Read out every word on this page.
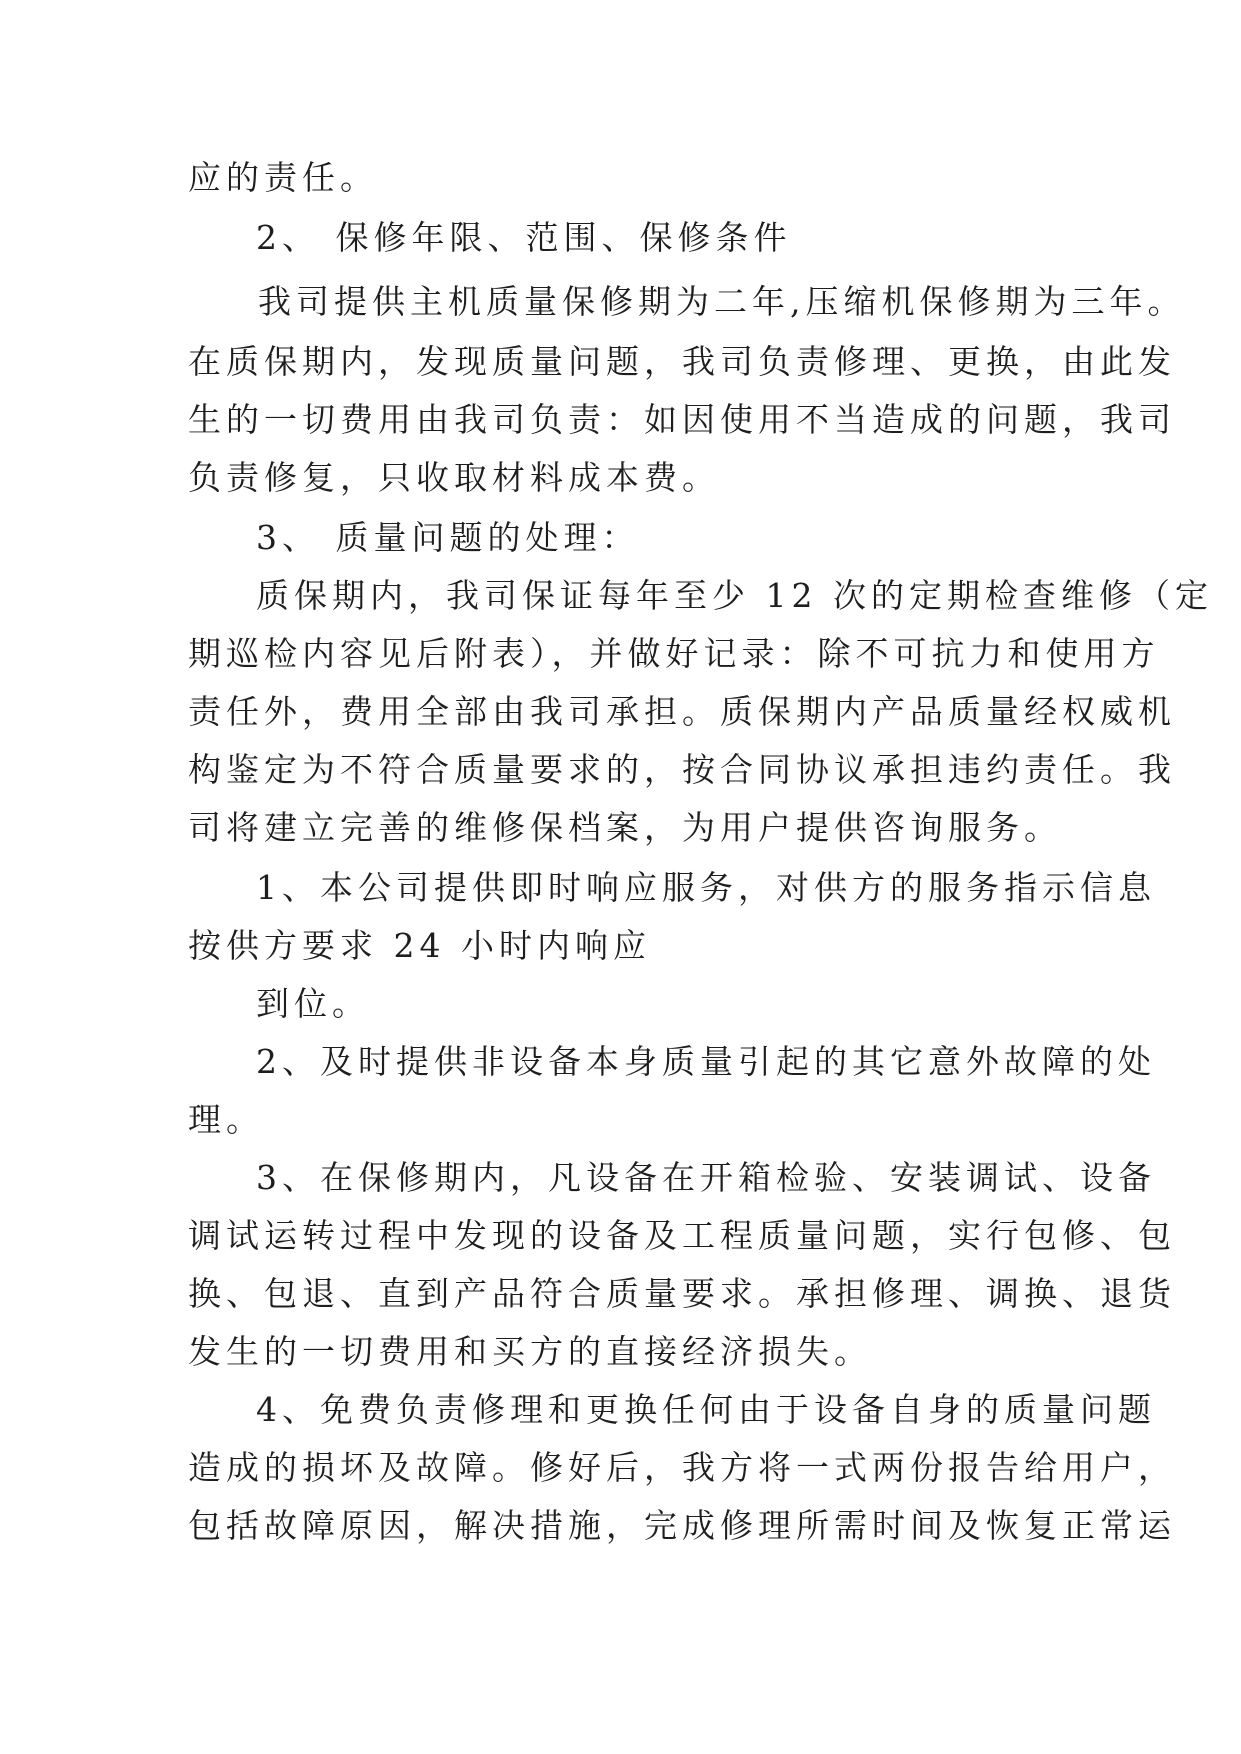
应的责任。
2、 保修年限、范围、保修条件
我司提供主机质量保修期为二年,压缩机保修期为三年。
在质保期内，发现质量问题，我司负责修理、更换，由此发
生的一切费用由我司负责：如因使用不当造成的问题，我司
负责修复，只收取材料成本费。
3、 质量问题的处理：
质保期内，我司保证每年至少 12 次的定期检查维修（定
期巡检内容见后附表），并做好记录：除不可抗力和使用方
责任外，费用全部由我司承担。质保期内产品质量经权威机
构鉴定为不符合质量要求的，按合同协议承担违约责任。我
司将建立完善的维修保档案，为用户提供咨询服务。
1、本公司提供即时响应服务，对供方的服务指示信息
按供方要求 24 小时内响应
到位。
2、及时提供非设备本身质量引起的其它意外故障的处
理。
3、在保修期内，凡设备在开箱检验、安装调试、设备
调试运转过程中发现的设备及工程质量问题，实行包修、包
换、包退、直到产品符合质量要求。承担修理、调换、退货
发生的一切费用和买方的直接经济损失。
4、免费负责修理和更换任何由于设备自身的质量问题
造成的损坏及故障。修好后，我方将一式两份报告给用户，
包括故障原因，解决措施，完成修理所需时间及恢复正常运
